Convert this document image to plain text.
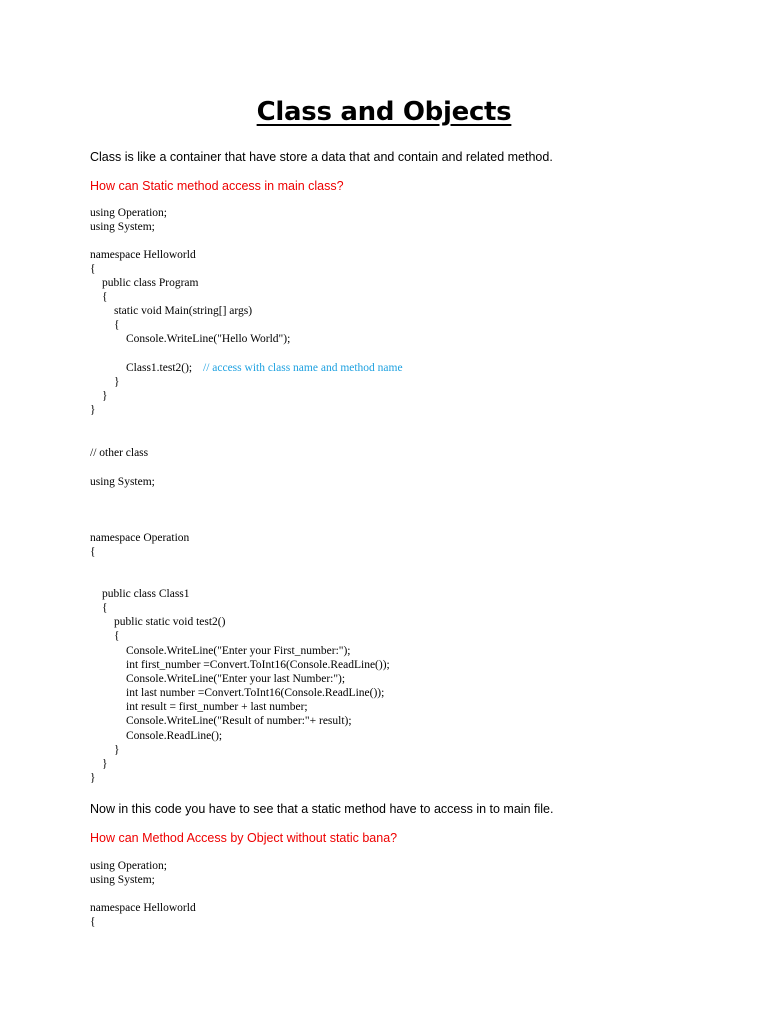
Class and Objects
Class is like a container that have store a data that and contain and related method.
How can Static method access in main class?
using Operation;
using System;
namespace Helloworld
{
public class Program
{
static void Main(string[] args)
{
Console.WriteLine("Hello World");
Class1.test2(); // access with class name and method name
}
}
}
// other class
using System;
namespace Operation
{
public class Class1
{
public static void test2()
{
Console.WriteLine("Enter your First_number:");
int first_number =Convert.ToInt16(Console.ReadLine());
Console.WriteLine("Enter your last Number:");
int last number =Convert.ToInt16(Console.ReadLine());
int result = first_number + last number;
Console.WriteLine("Result of number:"+ result);
Console.ReadLine();
}
}
}
Now in this code you have to see that a static method have to access in to main file.
How can Method Access by Object without static bana?
using Operation;
using System;
namespace Helloworld
{
